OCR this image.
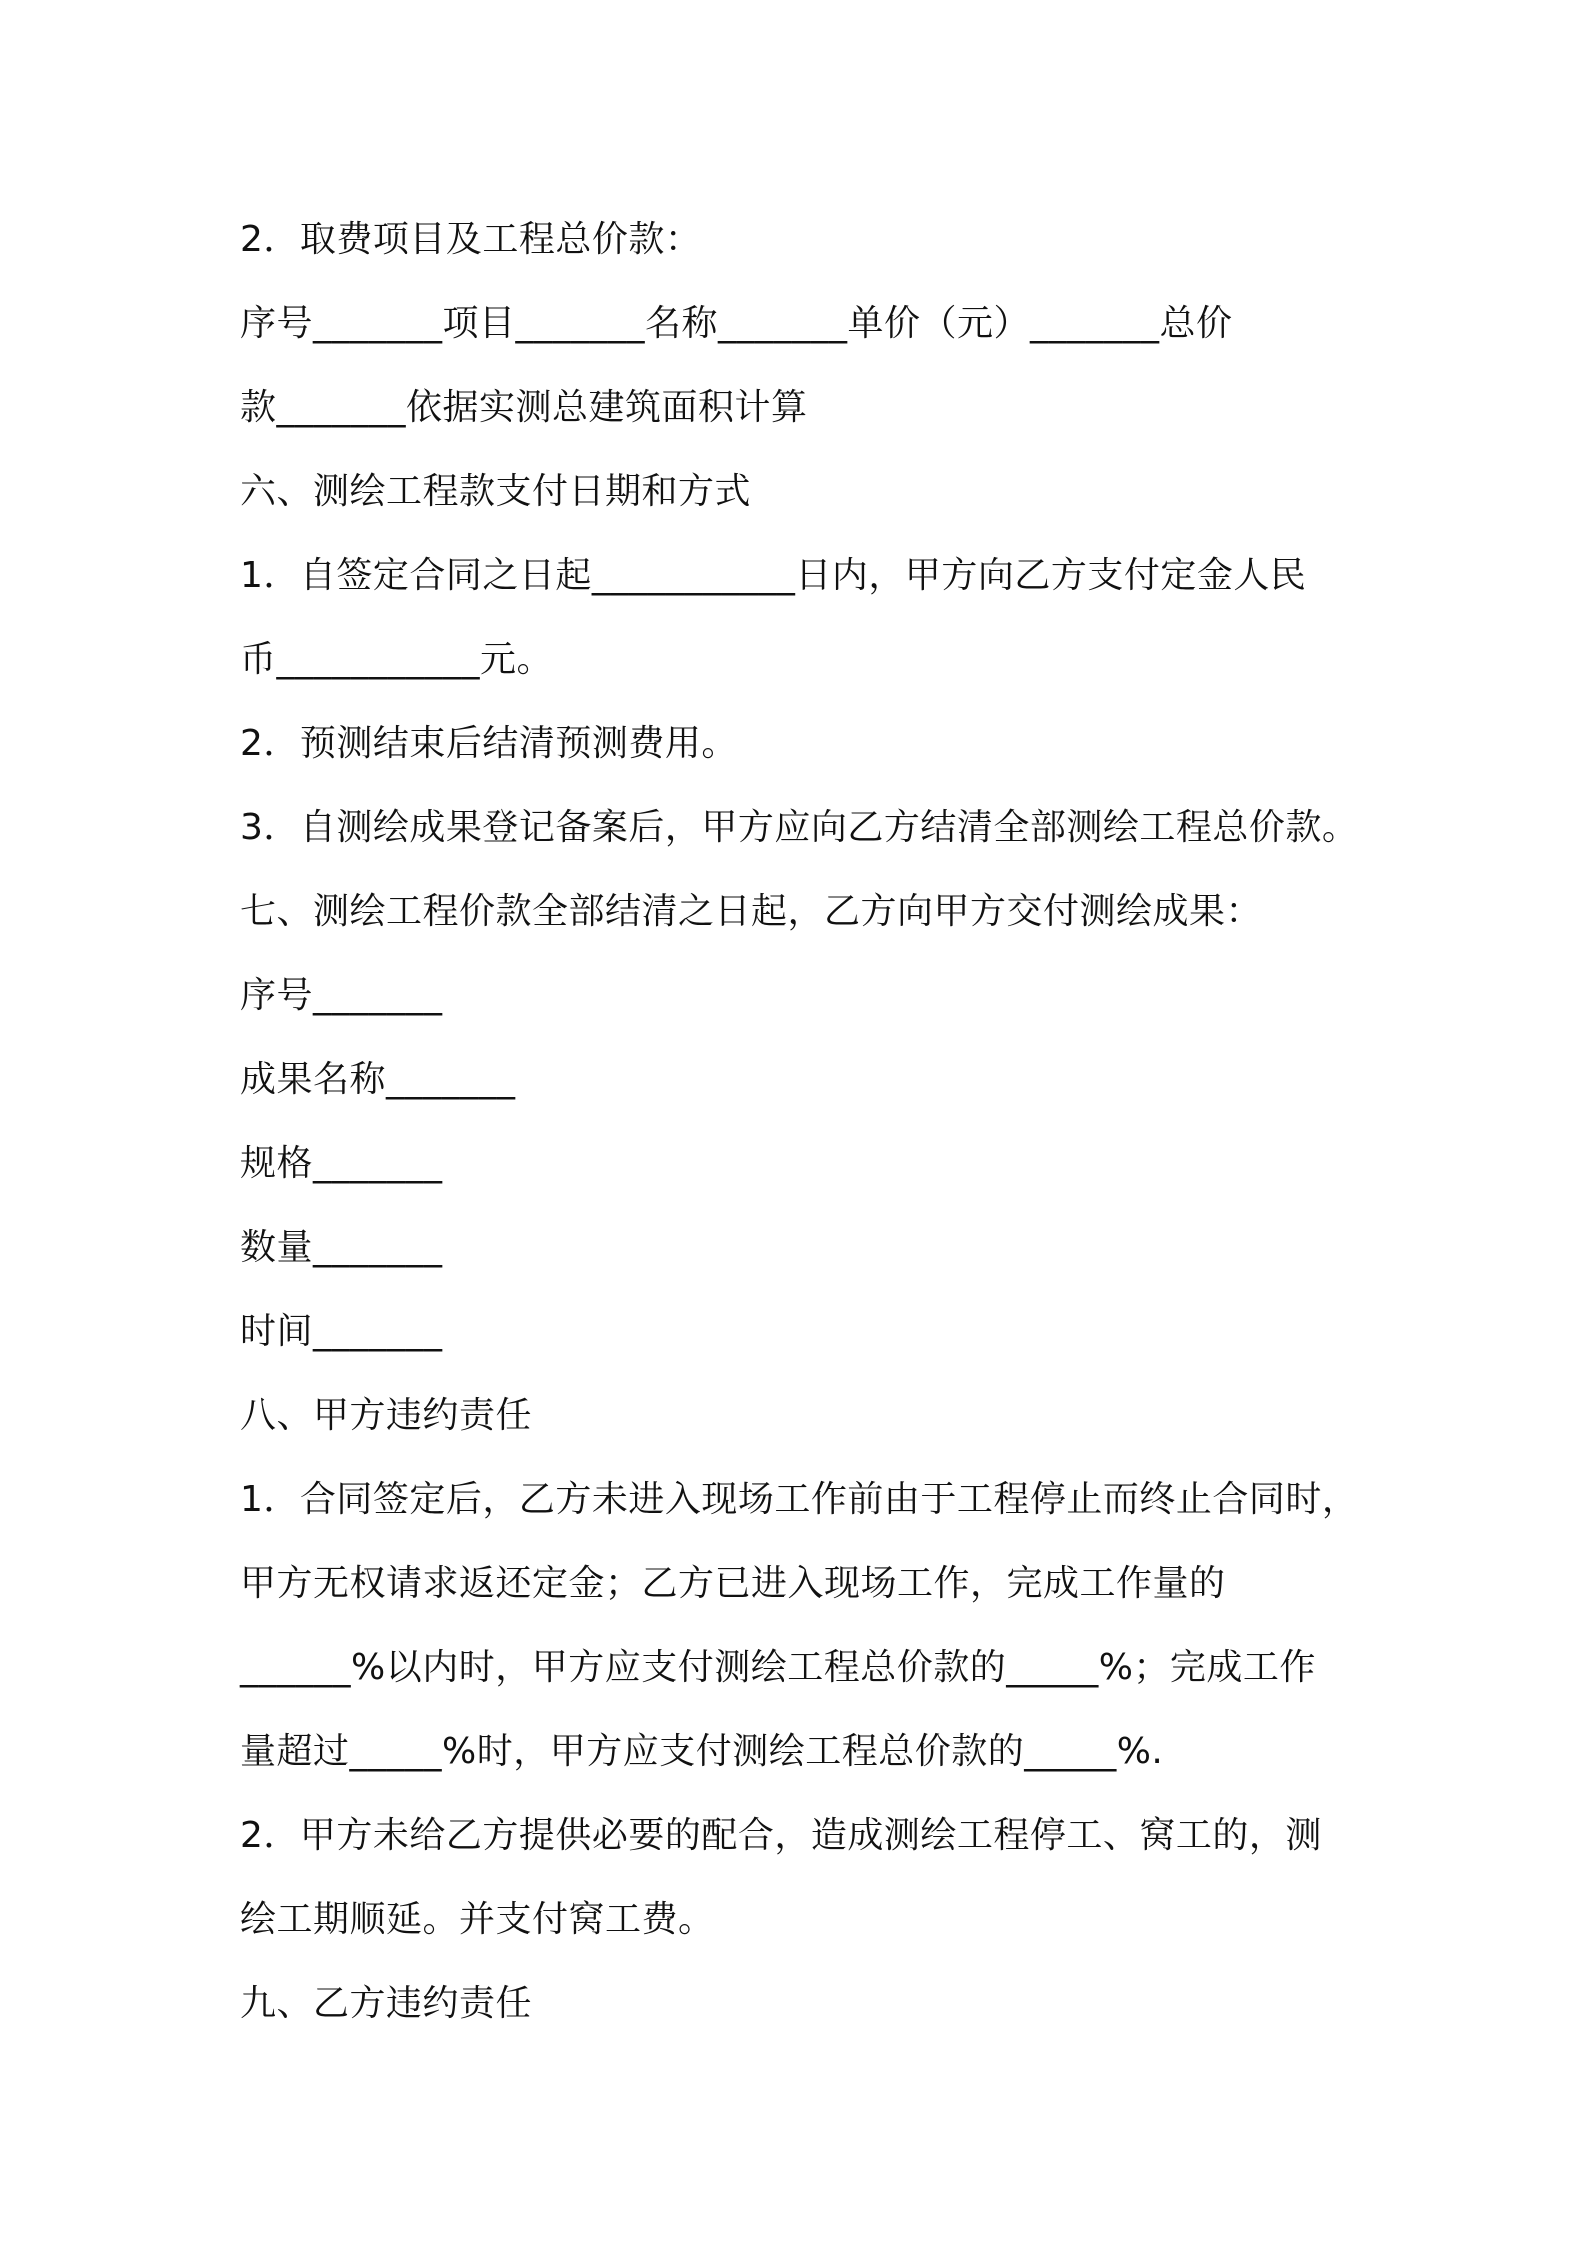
2．取费项目及工程总价款：
序号_______项目_______名称_______单价（元）_______总价
款_______依据实测总建筑面积计算
六、测绘工程款支付日期和方式
1．自签定合同之日起___________日内，甲方向乙方支付定金人民
币___________元。
2．预测结束后结清预测费用。
3．自测绘成果登记备案后，甲方应向乙方结清全部测绘工程总价款。
七、测绘工程价款全部结清之日起，乙方向甲方交付测绘成果：
序号_______
成果名称_______
规格_______
数量_______
时间_______
八、甲方违约责任
1．合同签定后，乙方未进入现场工作前由于工程停止而终止合同时，
甲方无权请求返还定金；乙方已进入现场工作，完成工作量的
______%以内时，甲方应支付测绘工程总价款的_____%；完成工作
量超过_____%时，甲方应支付测绘工程总价款的_____%.
2．甲方未给乙方提供必要的配合，造成测绘工程停工、窝工的，测
绘工期顺延。并支付窝工费。
九、乙方违约责任
